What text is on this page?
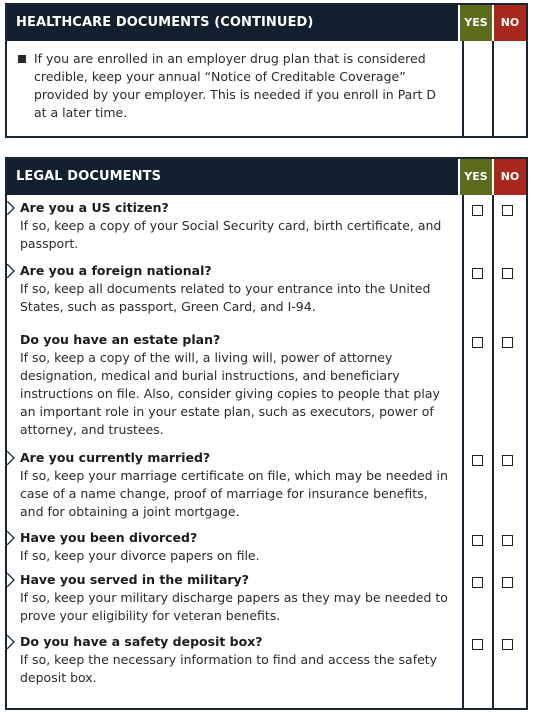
HEALTHCARE DOCUMENTS (CONTINUED)	YES	NO
If you are enrolled in an employer drug plan that is considered credible, keep your annual “Notice of Creditable Coverage” provided by your employer. This is needed if you enroll in Part D at a later time.
LEGAL DOCUMENTS	YES	NO
Are you a US citizen?
If so, keep a copy of your Social Security card, birth certificate, and passport.
Are you a foreign national?
If so, keep all documents related to your entrance into the United States, such as passport, Green Card, and I-94.
Do you have an estate plan?
If so, keep a copy of the will, a living will, power of attorney designation, medical and burial instructions, and beneficiary instructions on file. Also, consider giving copies to people that play an important role in your estate plan, such as executors, power of attorney, and trustees.
Are you currently married?
If so, keep your marriage certificate on file, which may be needed in case of a name change, proof of marriage for insurance benefits, and for obtaining a joint mortgage.
Have you been divorced?
If so, keep your divorce papers on file.
Have you served in the military?
If so, keep your military discharge papers as they may be needed to prove your eligibility for veteran benefits.
Do you have a safety deposit box?
If so, keep the necessary information to find and access the safety deposit box.
